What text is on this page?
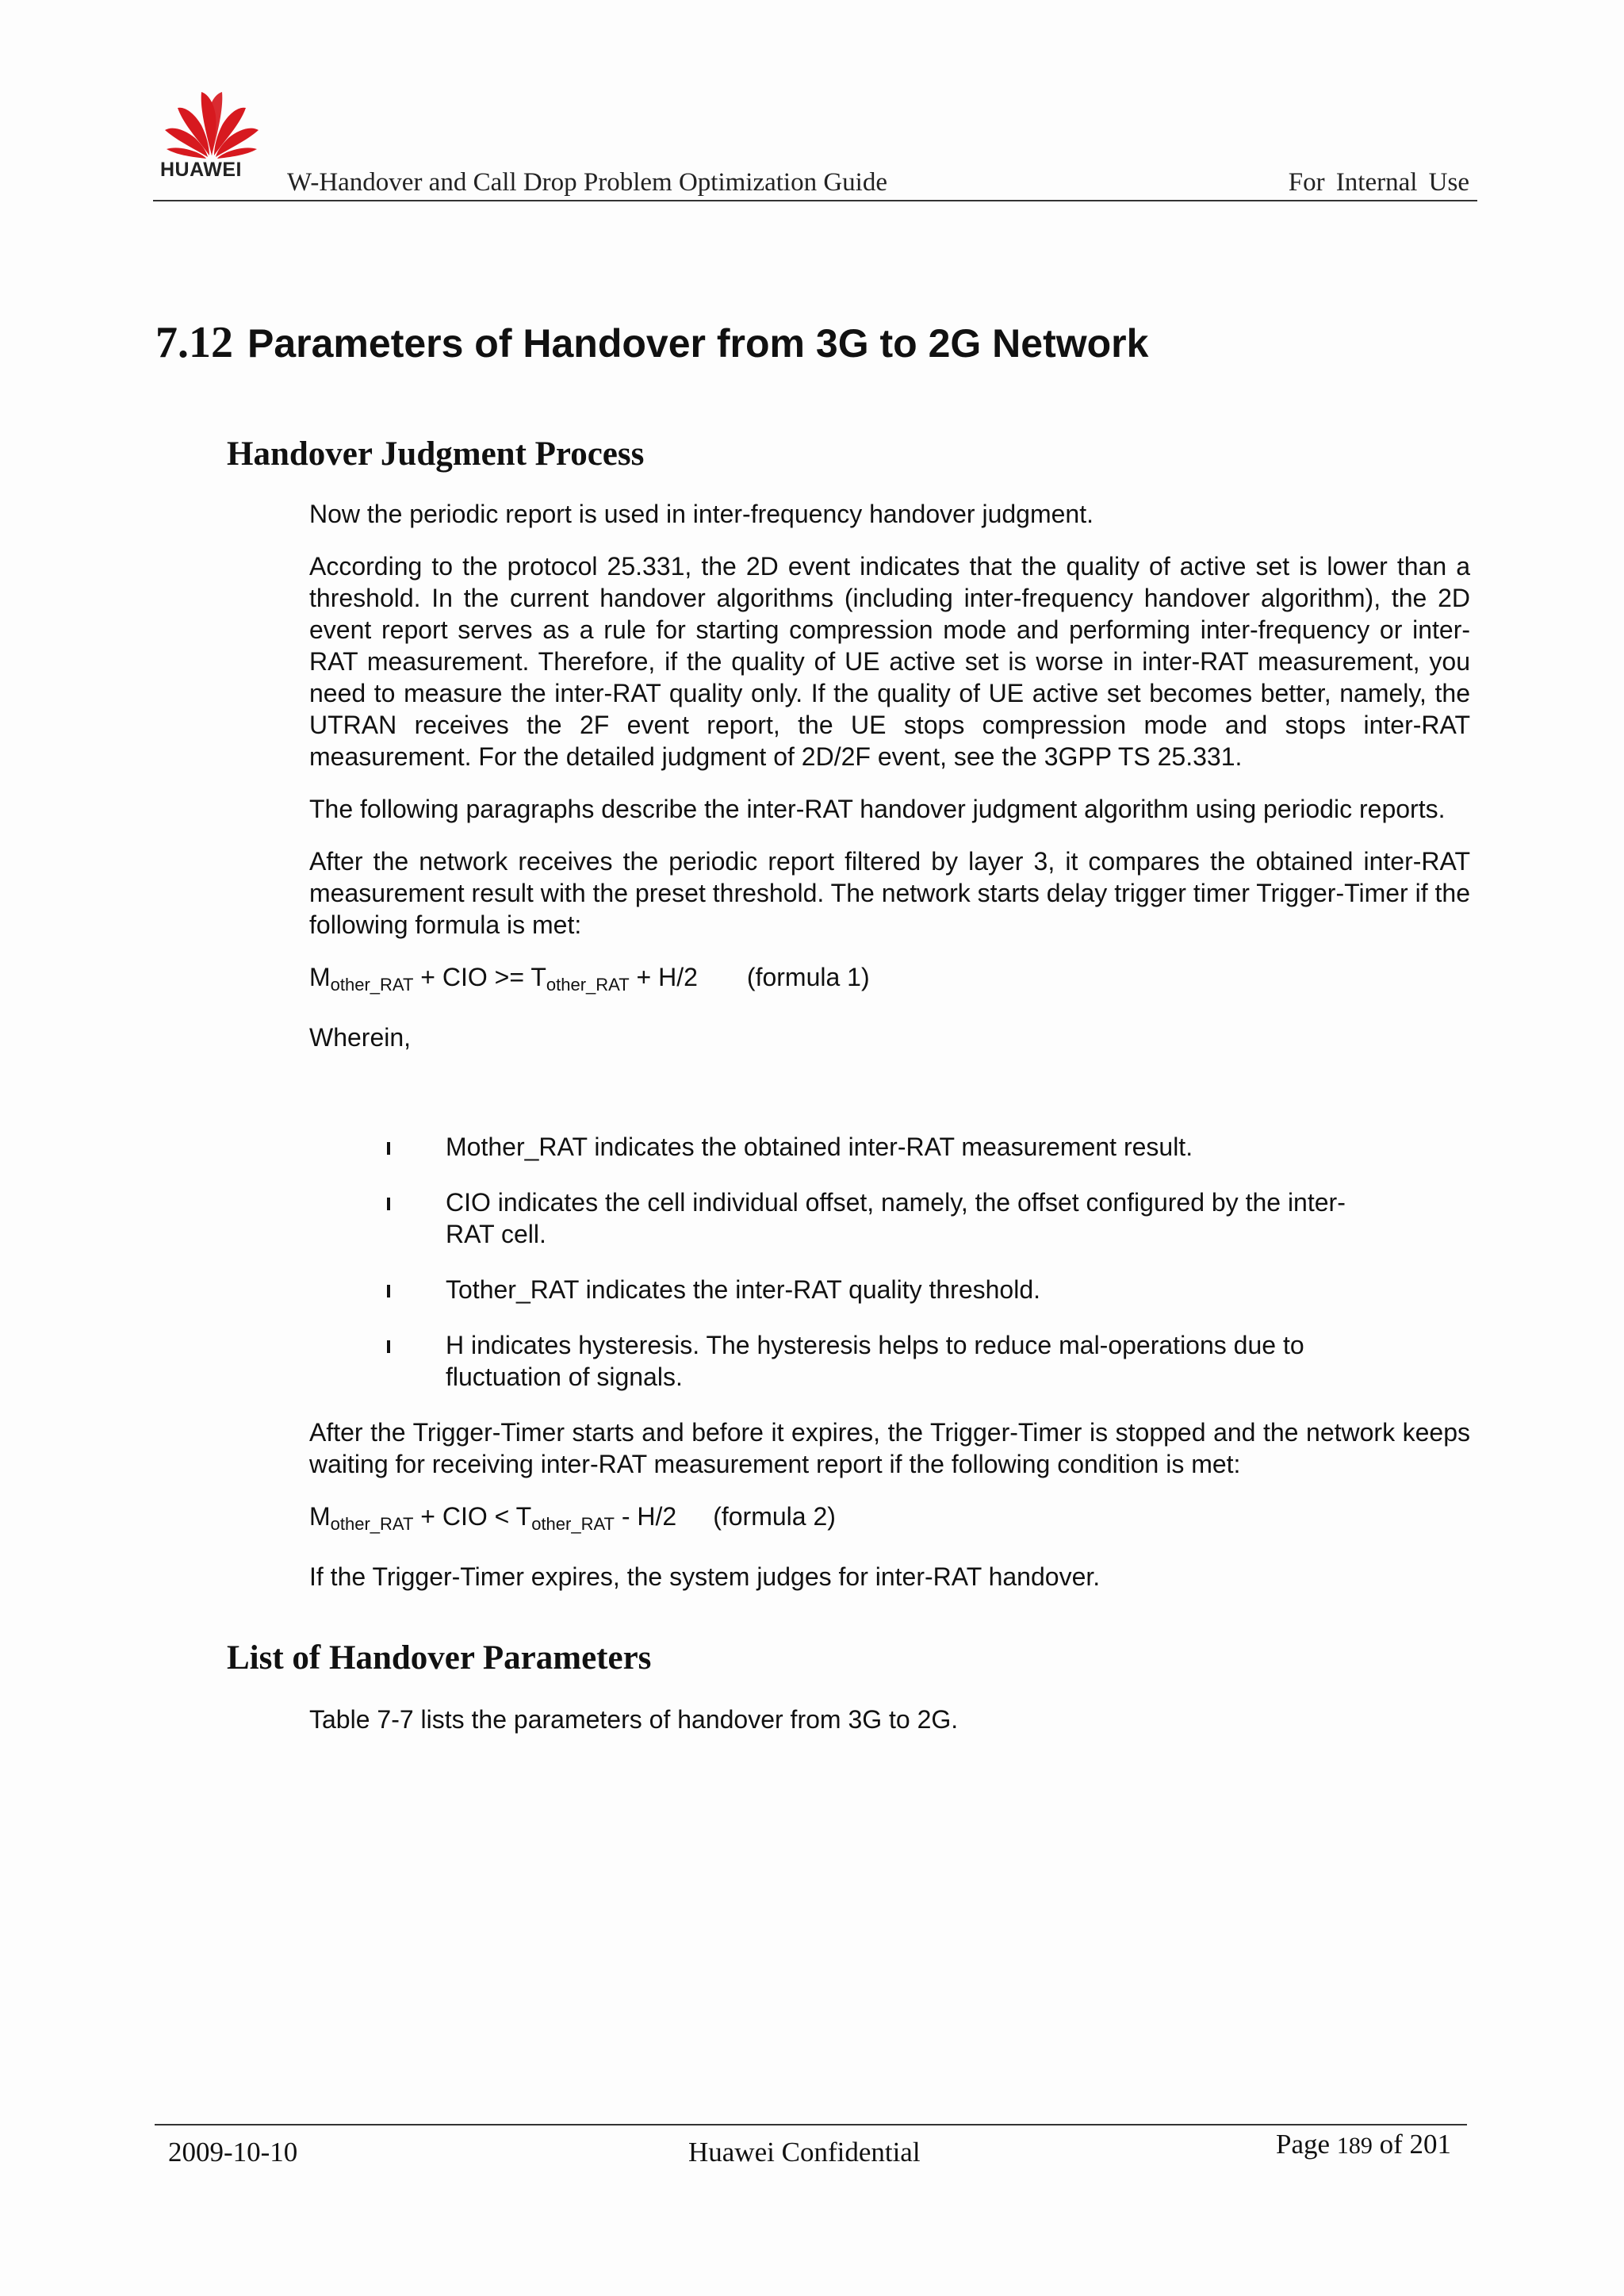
HUAWEI	W-Handover and Call Drop Problem Optimization Guide	For Internal Use
7.12 Parameters of Handover from 3G to 2G Network
Handover Judgment Process

Now the periodic report is used in inter-frequency handover judgment.

According to the protocol 25.331, the 2D event indicates that the quality of active set is lower than a threshold. In the current handover algorithms (including inter-frequency handover algorithm), the 2D event report serves as a rule for starting compression mode and performing inter-frequency or inter-RAT measurement. Therefore, if the quality of UE active set is worse in inter-RAT measurement, you need to measure the inter-RAT quality only. If the quality of UE active set becomes better, namely, the UTRAN receives the 2F event report, the UE stops compression mode and stops inter-RAT measurement. For the detailed judgment of 2D/2F event, see the 3GPP TS 25.331.

The following paragraphs describe the inter-RAT handover judgment algorithm using periodic reports.

After the network receives the periodic report filtered by layer 3, it compares the obtained inter-RAT measurement result with the preset threshold. The network starts delay trigger timer Trigger-Timer if the following formula is met:

$M_{other\_RAT}$ + CIO >= $T_{other\_RAT} + H/2$ (formula 1)

Wherein,

Mother_RAT indicates the obtained inter-RAT measurement result.
CIO indicates the cell individual offset, namely, the offset configured by the inter-RAT cell.
Tother_RAT indicates the inter-RAT quality threshold.
H indicates hysteresis. The hysteresis helps to reduce mal-operations due to fluctuation of signals.

After the Trigger-Timer starts and before it expires, the Trigger-Timer is stopped and the network keeps waiting for receiving inter-RAT measurement report if the following condition is met:

$M_{other\_RAT}$ + CIO < $T_{other\_RAT} - H/2$ (formula 2)

If the Trigger-Timer expires, the system judges for inter-RAT handover.

List of Handover Parameters

Table 7-7 lists the parameters of handover from 3G to 2G.

2009-10-10	Huawei Confidential	Page 189 of 201
